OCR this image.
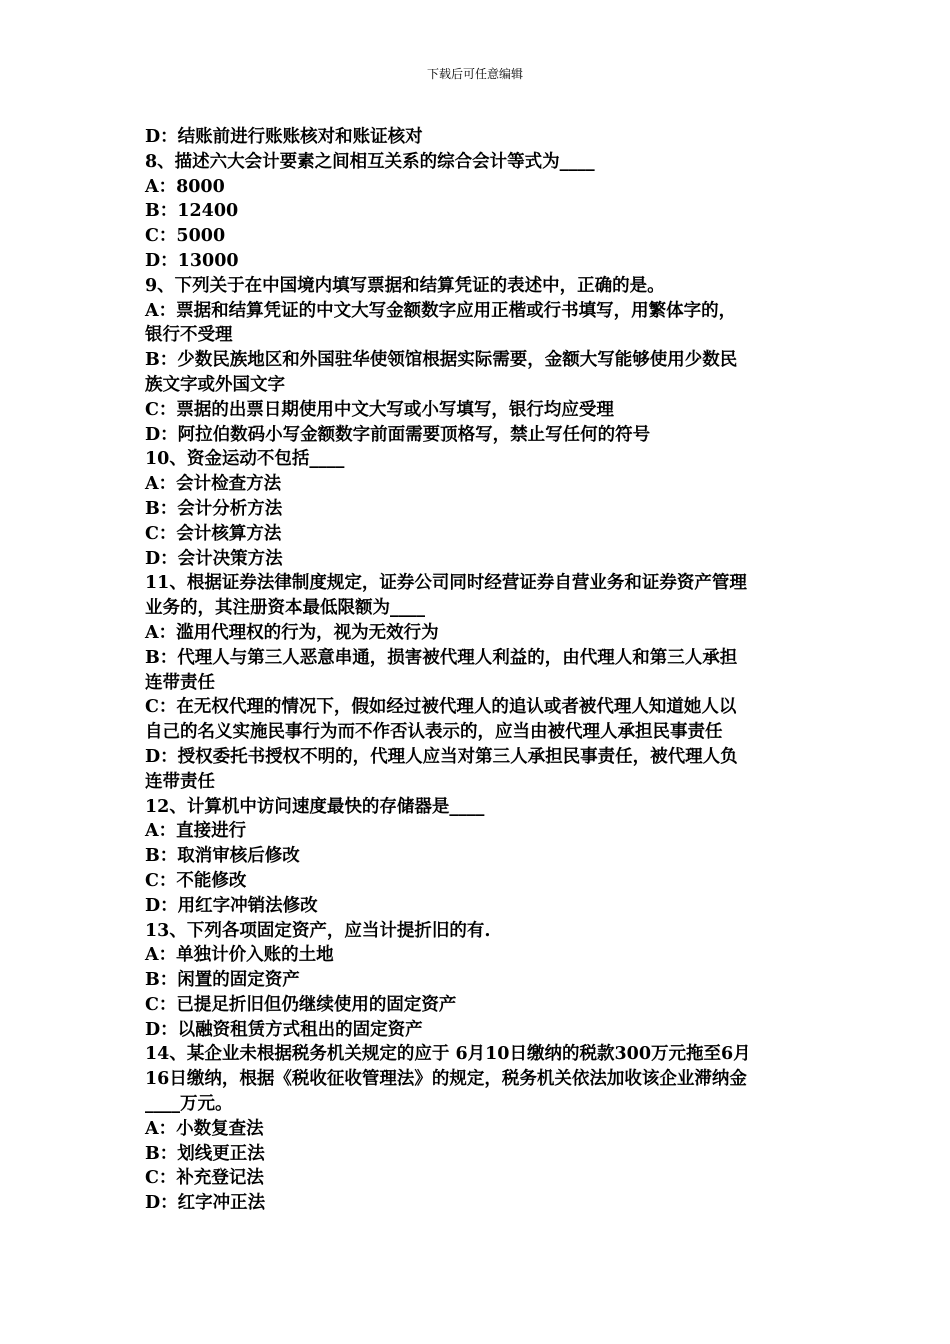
下载后可任意编辑
D：结账前进行账账核对和账证核对
8、描述六大会计要素之间相互关系的综合会计等式为____
A：8000
B：12400
C：5000
D：13000
9、下列关于在中国境内填写票据和结算凭证的表述中，正确的是。
A：票据和结算凭证的中文大写金额数字应用正楷或行书填写，用繁体字的，
银行不受理
B：少数民族地区和外国驻华使领馆根据实际需要，金额大写能够使用少数民
族文字或外国文字
C：票据的出票日期使用中文大写或小写填写，银行均应受理
D：阿拉伯数码小写金额数字前面需要顶格写，禁止写任何的符号
10、资金运动不包括____
A：会计检查方法
B：会计分析方法
C：会计核算方法
D：会计决策方法
11、根据证券法律制度规定，证券公司同时经营证券自营业务和证券资产管理
业务的，其注册资本最低限额为____
A：滥用代理权的行为，视为无效行为
B：代理人与第三人恶意串通，损害被代理人利益的，由代理人和第三人承担
连带责任
C：在无权代理的情况下，假如经过被代理人的追认或者被代理人知道她人以
自己的名义实施民事行为而不作否认表示的，应当由被代理人承担民事责任
D：授权委托书授权不明的，代理人应当对第三人承担民事责任，被代理人负
连带责任
12、计算机中访问速度最快的存储器是____
A：直接进行
B：取消审核后修改
C：不能修改
D：用红字冲销法修改
13、下列各项固定资产，应当计提折旧的有.
A：单独计价入账的土地
B：闲置的固定资产
C：已提足折旧但仍继续使用的固定资产
D：以融资租赁方式租出的固定资产
14、某企业未根据税务机关规定的应于 6月10日缴纳的税款300万元拖至6月
16日缴纳，根据《税收征收管理法》的规定，税务机关依法加收该企业滞纳金
____万元。
A：小数复查法
B：划线更正法
C：补充登记法
D：红字冲正法
